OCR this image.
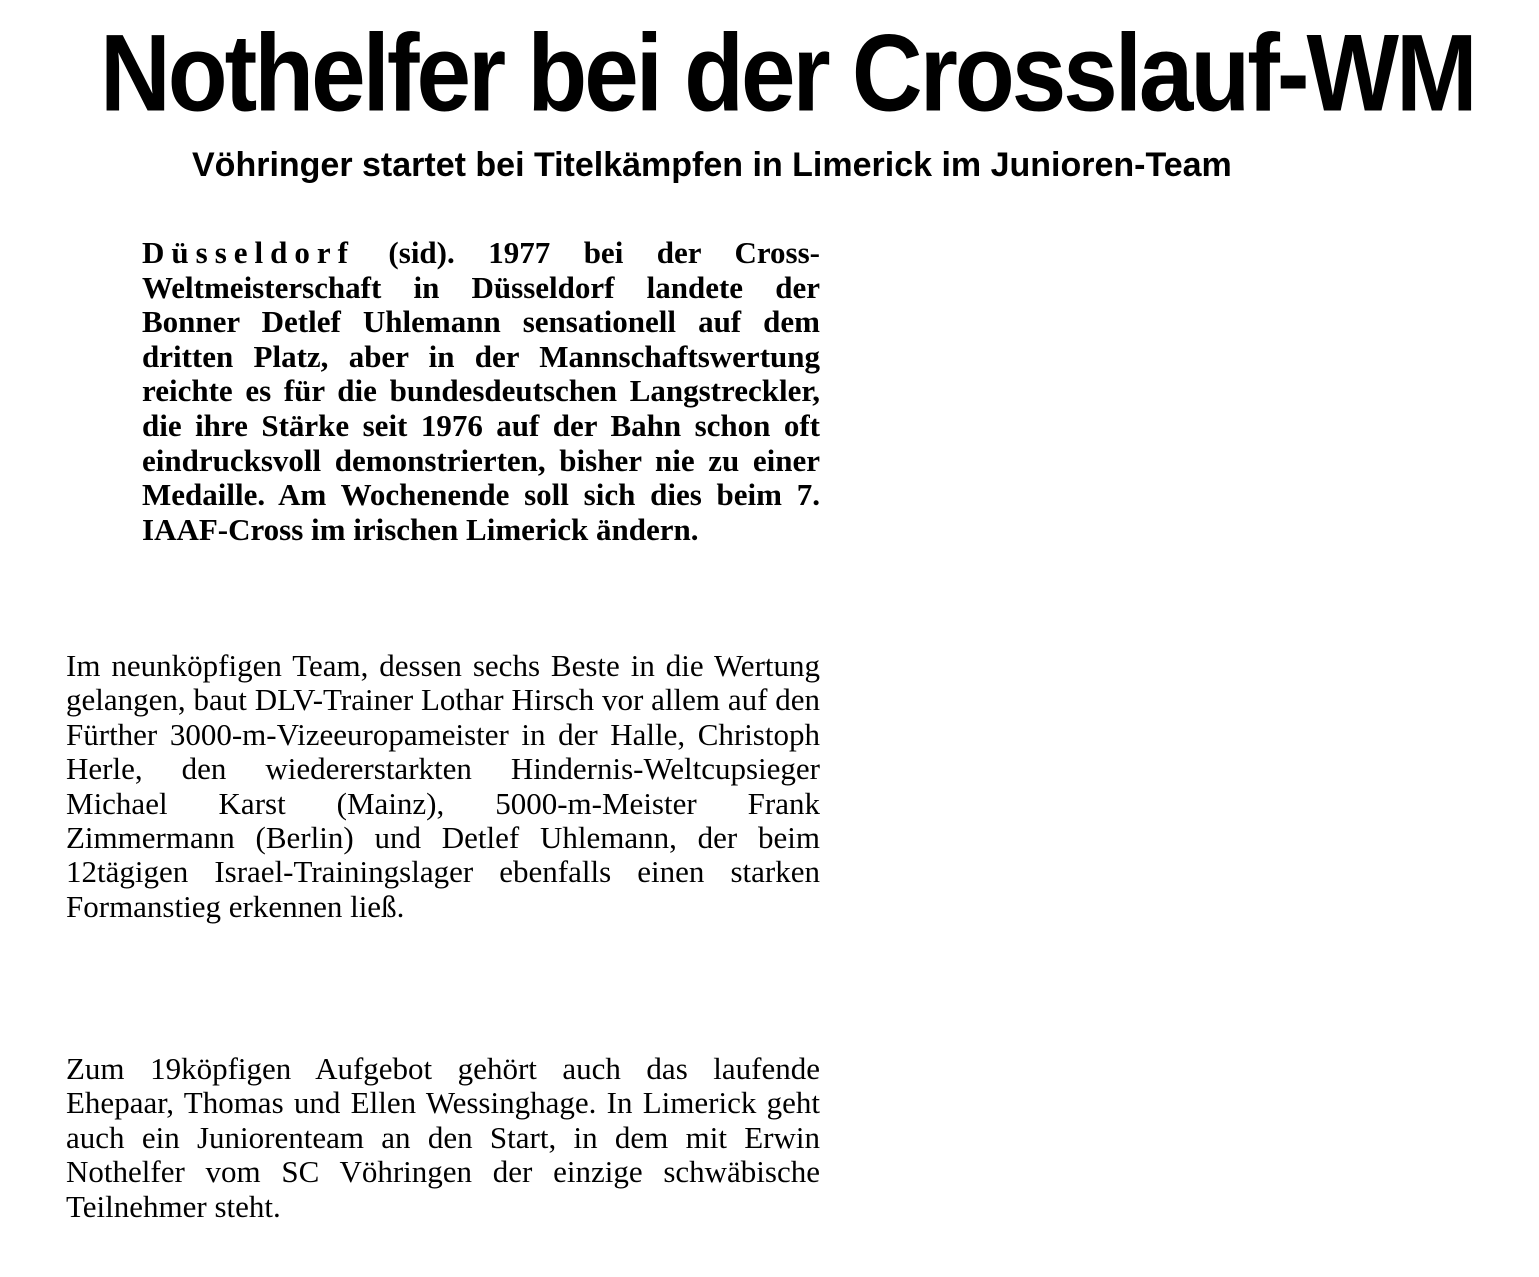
Nothelfer bei der Crosslauf-WM
Vöhringer startet bei Titelkämpfen in Limerick im Junioren-Team

Düsseldorf (sid). 1977 bei der Cross-Weltmeisterschaft in Düsseldorf landete der Bonner Detlef Uhlemann sensationell auf dem dritten Platz, aber in der Mannschaftswertung reichte es für die bundesdeutschen Langstreckler, die ihre Stärke seit 1976 auf der Bahn schon oft eindrucksvoll demonstrierten, bisher nie zu einer Medaille. Am Wochenende soll sich dies beim 7. IAAF-Cross im irischen Limerick ändern.

Im neunköpfigen Team, dessen sechs Beste in die Wertung gelangen, baut DLV-Trainer Lothar Hirsch vor allem auf den Fürther 3000-m-Vizeeuropameister in der Halle, Christoph Herle, den wiedererstarkten Hindernis-Weltcupsieger Michael Karst (Mainz), 5000-m-Meister Frank Zimmermann (Berlin) und Detlef Uhlemann, der beim 12tägigen Israel-Trainingslager ebenfalls einen starken Formanstieg erkennen ließ.

Zum 19köpfigen Aufgebot gehört auch das laufende Ehepaar, Thomas und Ellen Wessinghage. In Limerick geht auch ein Juniorenteam an den Start, in dem mit Erwin Nothelfer vom SC Vöhringen der einzige schwäbische Teilnehmer steht.
